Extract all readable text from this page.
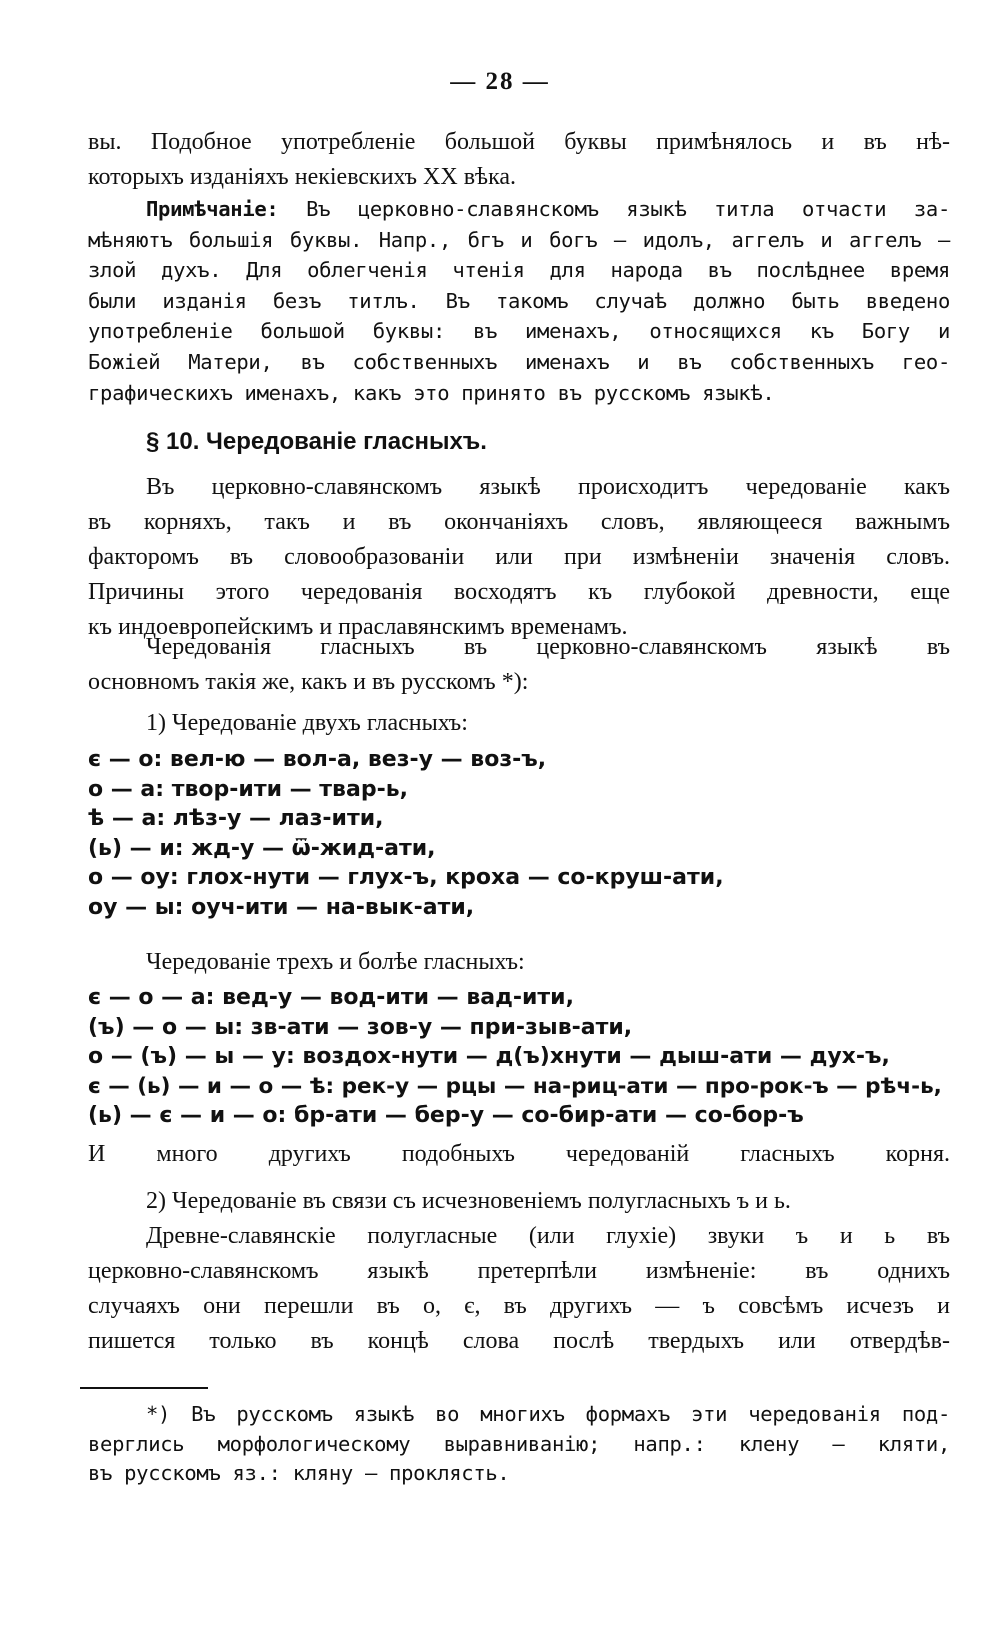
— 28 —
вы. Подобное употребленіе большой буквы примѣнялось и въ нѣ-
которыхъ изданіяхъ некіевскихъ XX вѣка.
Примѣчаніе: Въ церковно-славянскомъ языкѣ титла отчасти за-
мѣняютъ большія буквы. Напр., бгъ и богъ — идолъ, аггелъ и аггелъ —
злой духъ. Для облегченія чтенія для народа въ послѣднее время
были изданія безъ титлъ. Въ такомъ случаѣ должно быть введено
употребленіе большой буквы: въ именахъ, относящихся къ Богу и
Божіей Матери, въ собственныхъ именахъ и въ собственныхъ гео-
графическихъ именахъ, какъ это принято въ русскомъ языкѣ.
§ 10. Чередованіе гласныхъ.
Въ церковно-славянскомъ языкѣ происходитъ чередованіе какъ
въ корняхъ, такъ и въ окончаніяхъ словъ, являющееся важнымъ
факторомъ въ словообразованіи или при измѣненіи значенія словъ.
Причины этого чередованія восходятъ къ глубокой древности, еще
къ индоевропейскимъ и праславянскимъ временамъ.
Чередованія гласныхъ въ церковно-славянскомъ языкѣ въ
основномъ такія же, какъ и въ русскомъ *):
1) Чередованіе двухъ гласныхъ:
є — о: вел-ю — вол-а, вез-у — воз-ъ,
о — а: твор-ити — твар-ь,
ѣ — а: лѣз-у — лаз-ити,
(ь) — и: жд-у — ѿ-жид-ати,
о — оу: глох-нути — глух-ъ, кроха — со-круш-ати,
оу — ы: оуч-ити — на-вык-ати,
Чередованіе трехъ и болѣе гласныхъ:
є — о — а: вед-у — вод-ити — вад-ити,
(ъ) — о — ы: зв-ати — зов-у — при-зыв-ати,
о — (ъ) — ы — у: воздох-нути — д(ъ)хнути — дыш-ати — дух-ъ,
є — (ь) — и — о — ѣ: рек-у — рцы — на-риц-ати — про-рок-ъ — рѣч-ь,
(ь) — є — и — о: бр-ати — бер-у — со-бир-ати — со-бор-ъ
И много другихъ подобныхъ чередованій гласныхъ корня.
2) Чередованіе въ связи съ исчезновеніемъ полугласныхъ ъ и ь.
Древне-славянскіе полугласные (или глухіе) звуки ъ и ь въ
церковно-славянскомъ языкѣ претерпѣли измѣненіе: въ однихъ
случаяхъ они перешли въ о, є, въ другихъ — ъ совсѣмъ исчезъ и
пишется только въ концѣ слова послѣ твердыхъ или отвердѣв-
*) Въ русскомъ языкѣ во многихъ формахъ эти чередованія под-
верглись морфологическому выравниванію; напр.: клену — кляти,
въ русскомъ яз.: кляну — проклясть.
